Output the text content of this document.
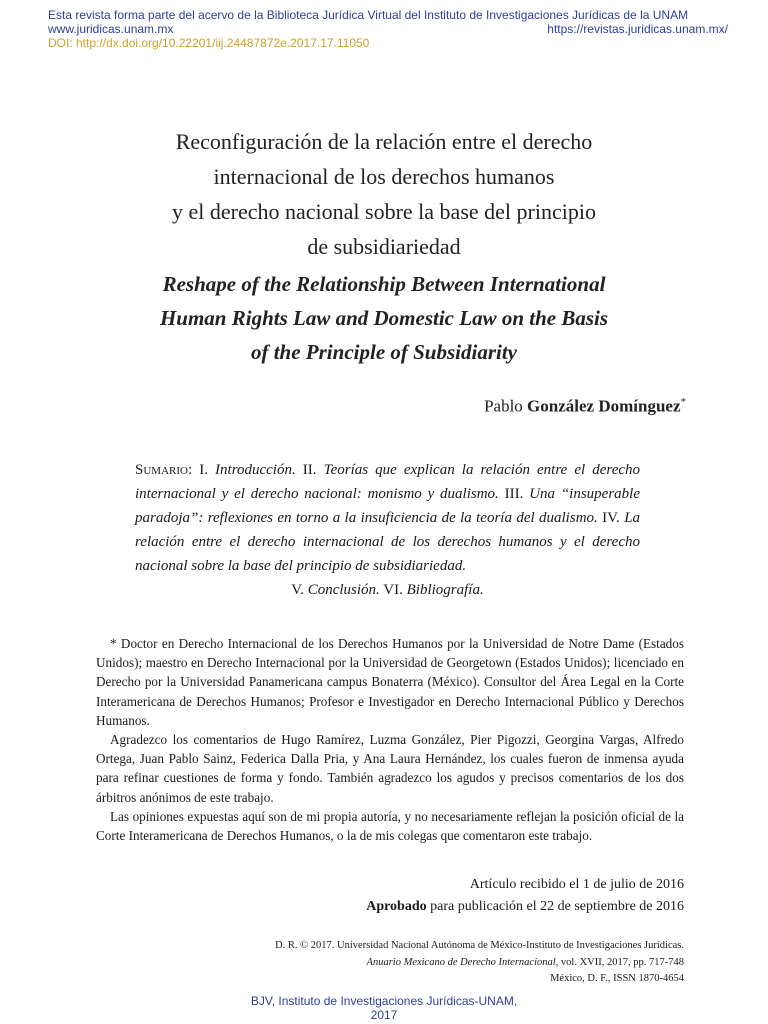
Esta revista forma parte del acervo de la Biblioteca Jurídica Virtual del Instituto de Investigaciones Jurídicas de la UNAM
www.juridicas.unam.mx	https://revistas.juridicas.unam.mx/
DOI: http://dx.doi.org/10.22201/iij.24487872e.2017.17.11050
Reconfiguración de la relación entre el derecho
internacional de los derechos humanos
y el derecho nacional sobre la base del principio
de subsidiariedad
Reshape of the Relationship Between International
Human Rights Law and Domestic Law on the Basis
of the Principle of Subsidiarity
Pablo González Domínguez*
Sumario: I. Introducción. II. Teorías que explican la relación entre el derecho internacional y el derecho nacional: monismo y dualismo. III. Una “insuperable paradoja”: reflexiones en torno a la insuficiencia de la teoría del dualismo. IV. La relación entre el derecho internacional de los derechos humanos y el derecho nacional sobre la base del principio de subsidiariedad.
V. Conclusión. VI. Bibliografía.

* Doctor en Derecho Internacional de los Derechos Humanos por la Universidad de Notre Dame (Estados Unidos); maestro en Derecho Internacional por la Universidad de Georgetown (Estados Unidos); licenciado en Derecho por la Universidad Panamericana campus Bonaterra (México). Consultor del Área Legal en la Corte Interamericana de Derechos Humanos; Profesor e Investigador en Derecho Internacional Público y Derechos Humanos.

Agradezco los comentarios de Hugo Ramírez, Luzma González, Pier Pigozzi, Georgina Vargas, Alfredo Ortega, Juan Pablo Sainz, Federica Dalla Pria, y Ana Laura Hernández, los cuales fueron de inmensa ayuda para refinar cuestiones de forma y fondo. También agradezco los agudos y precisos comentarios de los dos árbitros anónimos de este trabajo.

Las opiniones expuestas aquí son de mi propia autoría, y no necesariamente reflejan la posición oficial de la Corte Interamericana de Derechos Humanos, o la de mis colegas que comentaron este trabajo.

Artículo recibido el 1 de julio de 2016
Aprobado para publicación el 22 de septiembre de 2016
D. R. © 2017. Universidad Nacional Autónoma de México-Instituto de Investigaciones Jurídicas.
Anuario Mexicano de Derecho Internacional, vol. XVII, 2017, pp. 717-748
México, D. F., ISSN 1870-4654
BJV, Instituto de Investigaciones Jurídicas-UNAM,
2017
